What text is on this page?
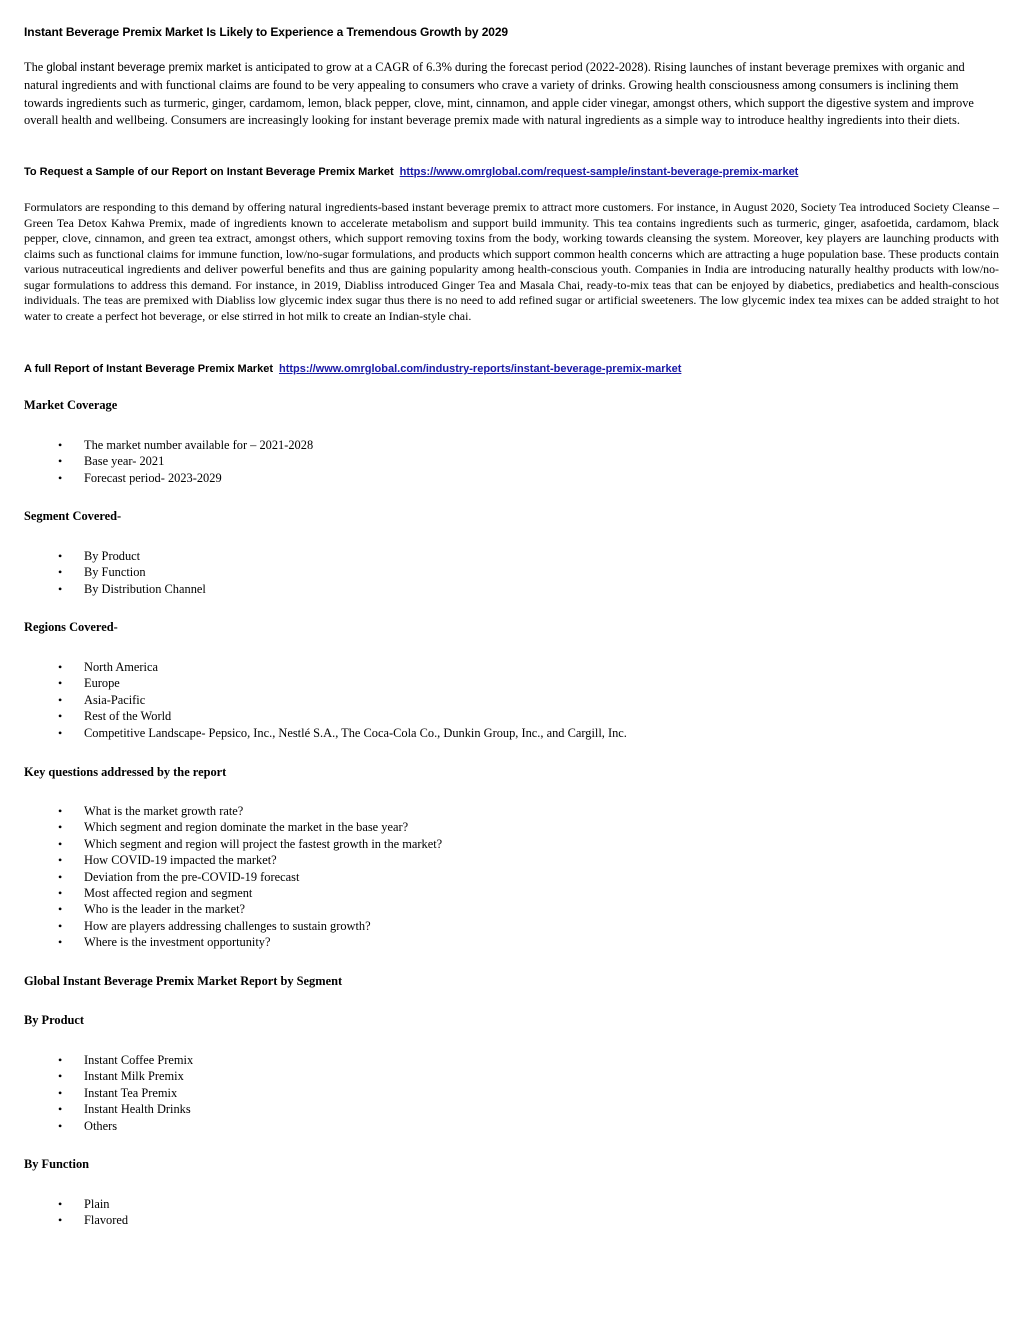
Instant Beverage Premix Market Is Likely to Experience a Tremendous Growth by 2029
The global instant beverage premix market is anticipated to grow at a CAGR of 6.3% during the forecast period (2022-2028). Rising launches of instant beverage premixes with organic and natural ingredients and with functional claims are found to be very appealing to consumers who crave a variety of drinks. Growing health consciousness among consumers is inclining them towards ingredients such as turmeric, ginger, cardamom, lemon, black pepper, clove, mint, cinnamon, and apple cider vinegar, amongst others, which support the digestive system and improve overall health and wellbeing. Consumers are increasingly looking for instant beverage premix made with natural ingredients as a simple way to introduce healthy ingredients into their diets.
To Request a Sample of our Report on Instant Beverage Premix Market https://www.omrglobal.com/request-sample/instant-beverage-premix-market
Formulators are responding to this demand by offering natural ingredients-based instant beverage premix to attract more customers. For instance, in August 2020, Society Tea introduced Society Cleanse – Green Tea Detox Kahwa Premix, made of ingredients known to accelerate metabolism and support build immunity. This tea contains ingredients such as turmeric, ginger, asafoetida, cardamom, black pepper, clove, cinnamon, and green tea extract, amongst others, which support removing toxins from the body, working towards cleansing the system. Moreover, key players are launching products with claims such as functional claims for immune function, low/no-sugar formulations, and products which support common health concerns which are attracting a huge population base. These products contain various nutraceutical ingredients and deliver powerful benefits and thus are gaining popularity among health-conscious youth. Companies in India are introducing naturally healthy products with low/no-sugar formulations to address this demand. For instance, in 2019, Diabliss introduced Ginger Tea and Masala Chai, ready-to-mix teas that can be enjoyed by diabetics, prediabetics and health-conscious individuals. The teas are premixed with Diabliss low glycemic index sugar thus there is no need to add refined sugar or artificial sweeteners. The low glycemic index tea mixes can be added straight to hot water to create a perfect hot beverage, or else stirred in hot milk to create an Indian-style chai.
A full Report of Instant Beverage Premix Market https://www.omrglobal.com/industry-reports/instant-beverage-premix-market
Market Coverage
• The market number available for – 2021-2028
• Base year- 2021
• Forecast period- 2023-2029
Segment Covered-
• By Product
• By Function
• By Distribution Channel
Regions Covered-
• North America
• Europe
• Asia-Pacific
• Rest of the World
• Competitive Landscape- Pepsico, Inc., Nestlé S.A., The Coca-Cola Co., Dunkin Group, Inc., and Cargill, Inc.
Key questions addressed by the report
• What is the market growth rate?
• Which segment and region dominate the market in the base year?
• Which segment and region will project the fastest growth in the market?
• How COVID-19 impacted the market?
• Deviation from the pre-COVID-19 forecast
• Most affected region and segment
• Who is the leader in the market?
• How are players addressing challenges to sustain growth?
• Where is the investment opportunity?
Global Instant Beverage Premix Market Report by Segment
By Product
• Instant Coffee Premix
• Instant Milk Premix
• Instant Tea Premix
• Instant Health Drinks
• Others
By Function
• Plain
• Flavored
